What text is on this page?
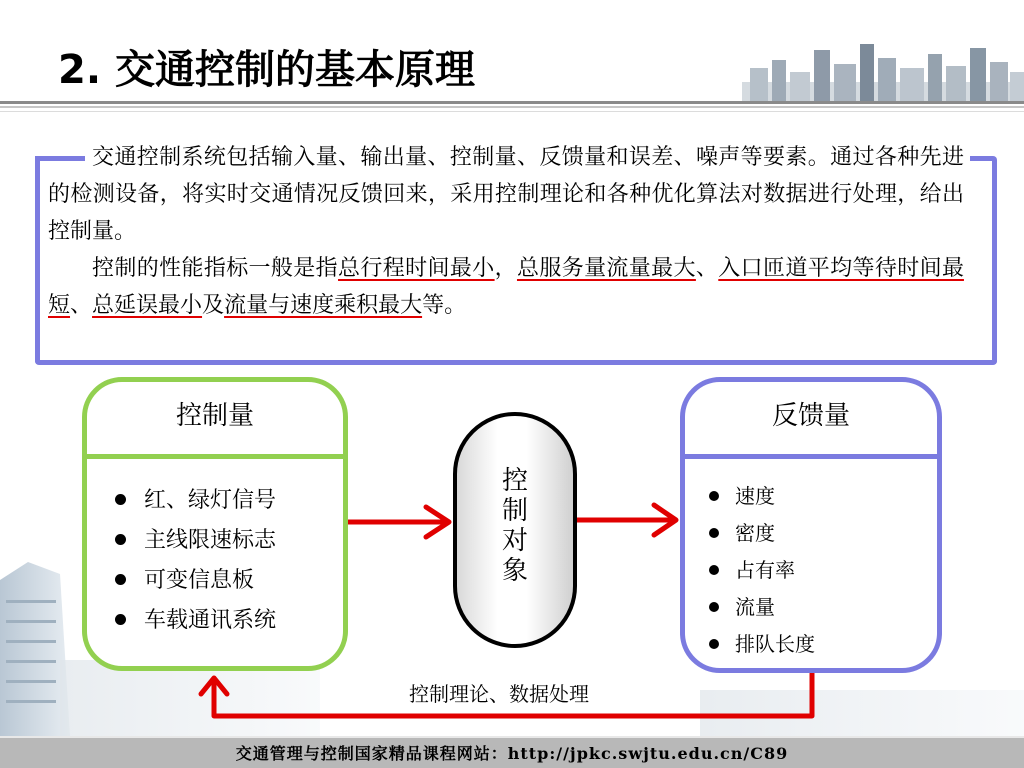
2. 交通控制的基本原理

交通控制系统包括输入量、输出量、控制量、反馈量和误差、噪声等要素。通过各种先进的检测设备，将实时交通情况反馈回来，采用控制理论和各种优化算法对数据进行处理，给出控制量。

控制的性能指标一般是指总行程时间最小，总服务量流量最大、入口匝道平均等待时间最短、总延误最小及流量与速度乘积最大等。

控制量
红、绿灯信号
主线限速标志
可变信息板
车载通讯系统
控
制
对
象
反馈量
速度
密度
占有率
流量
排队长度
控制理论、数据处理
交通管理与控制国家精品课程网站：http://jpkc.swjtu.edu.cn/C89
